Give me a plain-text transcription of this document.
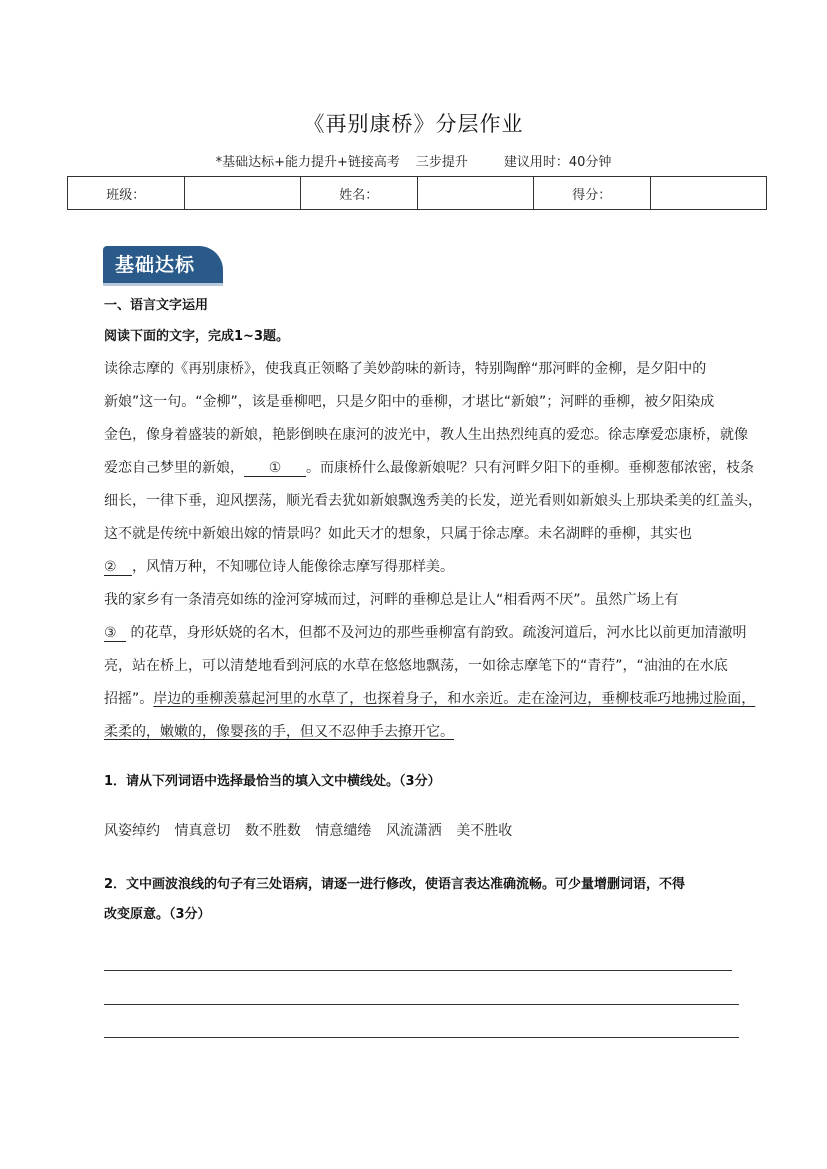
《再别康桥》分层作业
*基础达标+能力提升+链接高考 三步提升	建议用时：40分钟
班级：		姓名：		得分：	
基础达标
一、语言文字运用
阅读下面的文字，完成1~3题。
读徐志摩的《再别康桥》，使我真正领略了美妙韵味的新诗，特别陶醉“那河畔的金柳，是夕阳中的
新娘”这一句。“金柳”，该是垂柳吧，只是夕阳中的垂柳，才堪比“新娘”；河畔的垂柳，被夕阳染成
金色，像身着盛装的新娘，艳影倒映在康河的波光中，教人生出热烈纯真的爱恋。徐志摩爱恋康桥，就像
爱恋自己梦里的新娘， ① 。而康桥什么最像新娘呢？只有河畔夕阳下的垂柳。垂柳葱郁浓密，枝条
细长，一律下垂，迎风摆荡，顺光看去犹如新娘飘逸秀美的长发，逆光看则如新娘头上那块柔美的红盖头，
这不就是传统中新娘出嫁的情景吗？如此天才的想象，只属于徐志摩。未名湖畔的垂柳，其实也
② ，风情万种，不知哪位诗人能像徐志摩写得那样美。
我的家乡有一条清亮如练的淦河穿城而过，河畔的垂柳总是让人“相看两不厌”。虽然广场上有
③ 的花草，身形妖娆的名木，但都不及河边的那些垂柳富有韵致。疏浚河道后，河水比以前更加清澈明
亮，站在桥上，可以清楚地看到河底的水草在悠悠地飘荡，一如徐志摩笔下的“青荇”，“油油的在水底
招摇”。岸边的垂柳羡慕起河里的水草了，也探着身子，和水亲近。走在淦河边，垂柳枝乖巧地拂过脸面，
柔柔的，嫩嫩的，像婴孩的手，但又不忍伸手去撩开它。
1．请从下列词语中选择最恰当的填入文中横线处。（3分）
风姿绰约 情真意切 数不胜数 情意缱绻 风流潇洒 美不胜收
2．文中画波浪线的句子有三处语病，请逐一进行修改，使语言表达准确流畅。可少量增删词语，不得
改变原意。（3分）
